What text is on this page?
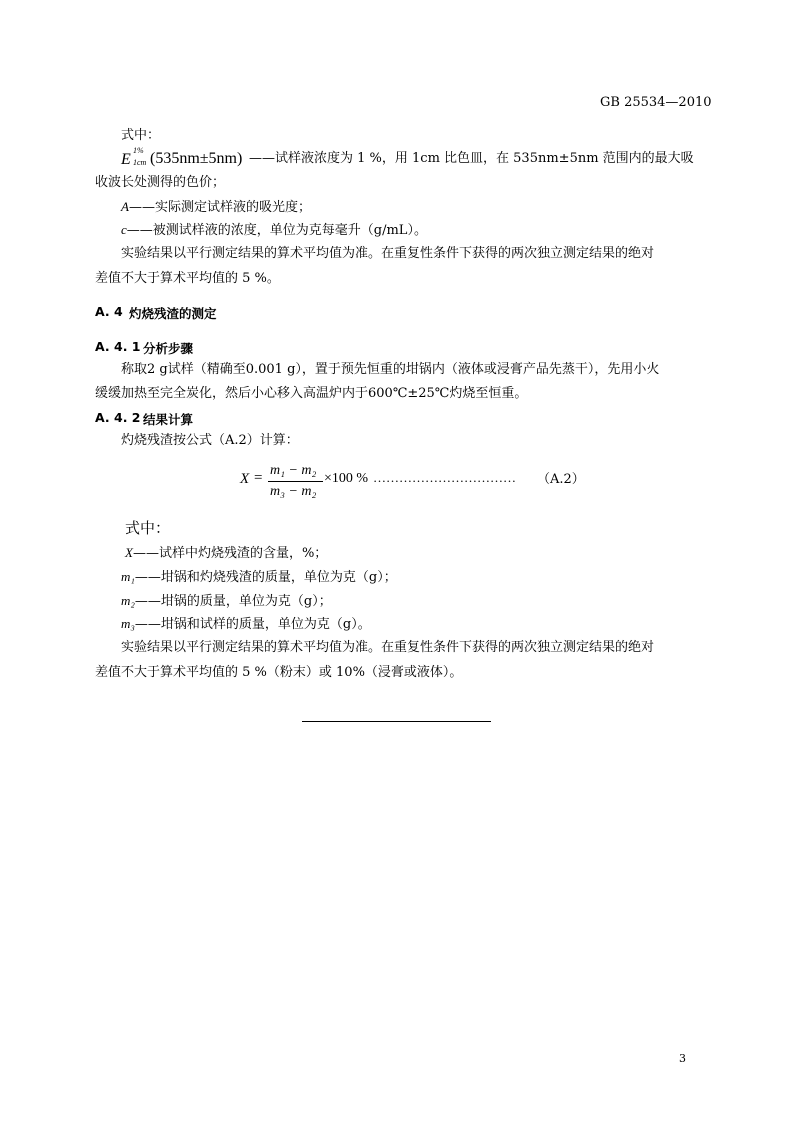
GB 25534—2010
式中：
E
1%
1cm (535nm±5nm) ——试样液浓度为 1 %，用 1cm 比色皿，在 535nm±5nm 范围内的最大吸
收波长处测得的色价；
A——实际测定试样液的吸光度；
c——被测试样液的浓度，单位为克每毫升（g/mL）。
实验结果以平行测定结果的算术平均值为准。在重复性条件下获得的两次独立测定结果的绝对
差值不大于算术平均值的 5 %。
A. 4 灼烧残渣的测定
A. 4. 1 分析步骤
称取2 g试样（精确至0.001 g），置于预先恒重的坩锅内（液体或浸膏产品先蒸干），先用小火
缓缓加热至完全炭化，然后小心移入高温炉内于600℃±25℃灼烧至恒重。
A. 4. 2 结果计算
灼烧残渣按公式（A.2）计算：
X = m₁ − m₂
m₃ − m₂
×100 % …………………………… （A.2）
式中：
X——试样中灼烧残渣的含量，%；
m₁——坩锅和灼烧残渣的质量，单位为克（g）；
m₂——坩锅的质量，单位为克（g）；
m₃——坩锅和试样的质量，单位为克（g）。
实验结果以平行测定结果的算术平均值为准。在重复性条件下获得的两次独立测定结果的绝对
差值不大于算术平均值的 5 %（粉末）或 10%（浸膏或液体）。
3
